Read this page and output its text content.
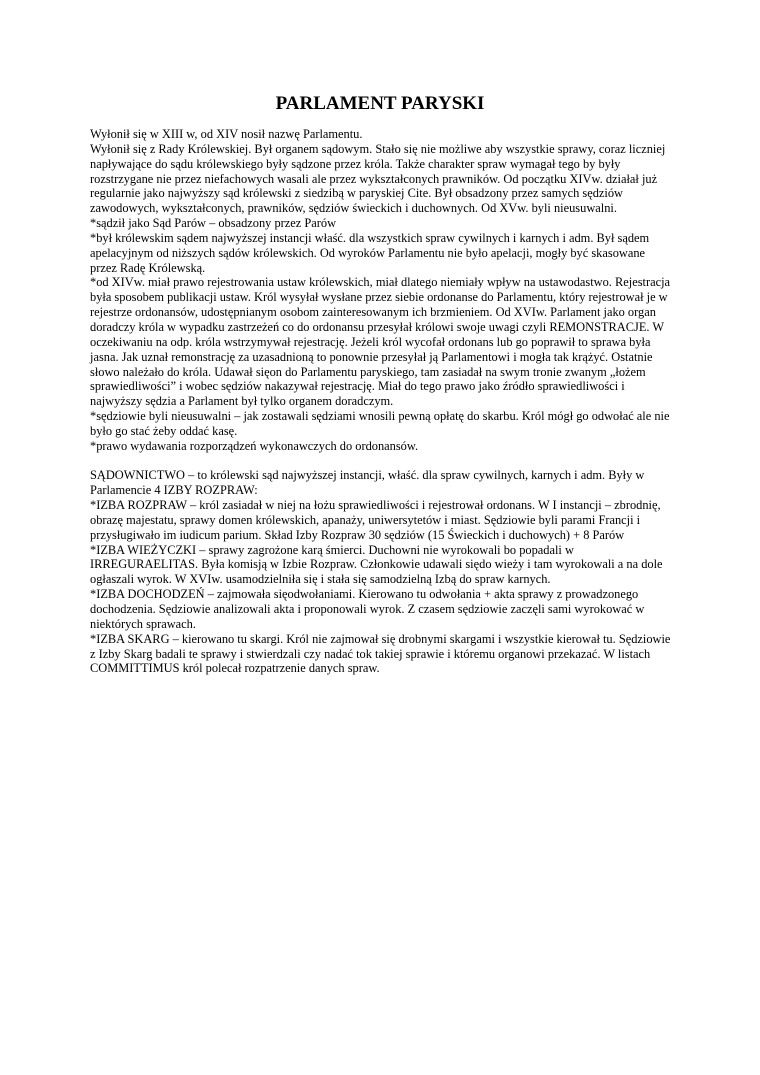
PARLAMENT PARYSKI

Wyłonił się w XIII w, od XIV nosił nazwę Parlamentu.

Wyłonił się z Rady Królewskiej. Był organem sądowym. Stało się nie możliwe aby wszystkie sprawy, coraz liczniej napływające do sądu królewskiego były sądzone przez króla. Także charakter spraw wymagał tego by były rozstrzygane nie przez niefachowych wasali ale przez wykształconych prawników. Od początku XIVw. działał już regularnie jako najwyższy sąd królewski z siedzibą w paryskiej Cite. Był obsadzony przez samych sędziów zawodowych, wykształconych, prawników, sędziów świeckich i duchownych. Od XVw. byli nieusuwalni.

*sądził jako Sąd Parów – obsadzony przez Parów

*był królewskim sądem najwyższej instancji właść. dla wszystkich spraw cywilnych i karnych i adm. Był sądem apelacyjnym od niższych sądów królewskich. Od wyroków Parlamentu nie było apelacji, mogły być skasowane przez Radę Królewską.

*od XIVw. miał prawo rejestrowania ustaw królewskich, miał dlatego niemiały wpływ na ustawodastwo. Rejestracja była sposobem publikacji ustaw. Król wysyłał wysłane przez siebie ordonanse do Parlamentu, który rejestrował je w rejestrze ordonansów, udostępnianym osobom zainteresowanym ich brzmieniem. Od XVIw. Parlament jako organ doradczy króla w wypadku zastrzeżeń co do ordonansu przesyłał królowi swoje uwagi czyli REMONSTRACJE. W oczekiwaniu na odp. króla wstrzymywał rejestrację. Jeżeli król wycofał ordonans lub go poprawił to sprawa była jasna. Jak uznał remonstrację za uzasadnioną to ponownie przesyłał ją Parlamentowi i mogła tak krążyć. Ostatnie słowo należało do króla. Udawał sięon do Parlamentu paryskiego, tam zasiadał na swym tronie zwanym „łożem sprawiedliwości” i wobec sędziów nakazywał rejestrację. Miał do tego prawo jako źródło sprawiedliwości i najwyższy sędzia a Parlament był tylko organem doradczym.

*sędziowie byli nieusuwalni – jak zostawali sędziami wnosili pewną opłatę do skarbu. Król mógł go odwołać ale nie było go stać żeby oddać kasę.

*prawo wydawania rozporządzeń wykonawczych do ordonansów.

SĄDOWNICTWO – to królewski sąd najwyższej instancji, właść. dla spraw cywilnych, karnych i adm. Były w Parlamencie 4 IZBY ROZPRAW:

*IZBA ROZPRAW – król zasiadał w niej na łożu sprawiedliwości i rejestrował ordonans. W I instancji – zbrodnię, obrazę majestatu, sprawy domen królewskich, apanaży, uniwersytetów i miast. Sędziowie byli parami Francji i przysługiwało im iudicum parium. Skład Izby Rozpraw 30 sędziów (15 Świeckich i duchowych) + 8 Parów

*IZBA WIEŻYCZKI – sprawy zagrożone karą śmierci. Duchowni nie wyrokowali bo popadali w IRREGURAELITAS. Była komisją w Izbie Rozpraw. Członkowie udawali siędo wieży i tam wyrokowali a na dole ogłaszali wyrok. W XVIw. usamodzielniła się i stała się samodzielną Izbą do spraw karnych.

*IZBA DOCHODZEŃ – zajmowała sięodwołaniami. Kierowano tu odwołania + akta sprawy z prowadzonego dochodzenia. Sędziowie analizowali akta i proponowali wyrok. Z czasem sędziowie zaczęli sami wyrokować w niektórych sprawach.

*IZBA SKARG – kierowano tu skargi. Król nie zajmował się drobnymi skargami i wszystkie kierował tu. Sędziowie z Izby Skarg badali te sprawy i stwierdzali czy nadać tok takiej sprawie i któremu organowi przekazać. W listach COMMITTIMUS król polecał rozpatrzenie danych spraw.
